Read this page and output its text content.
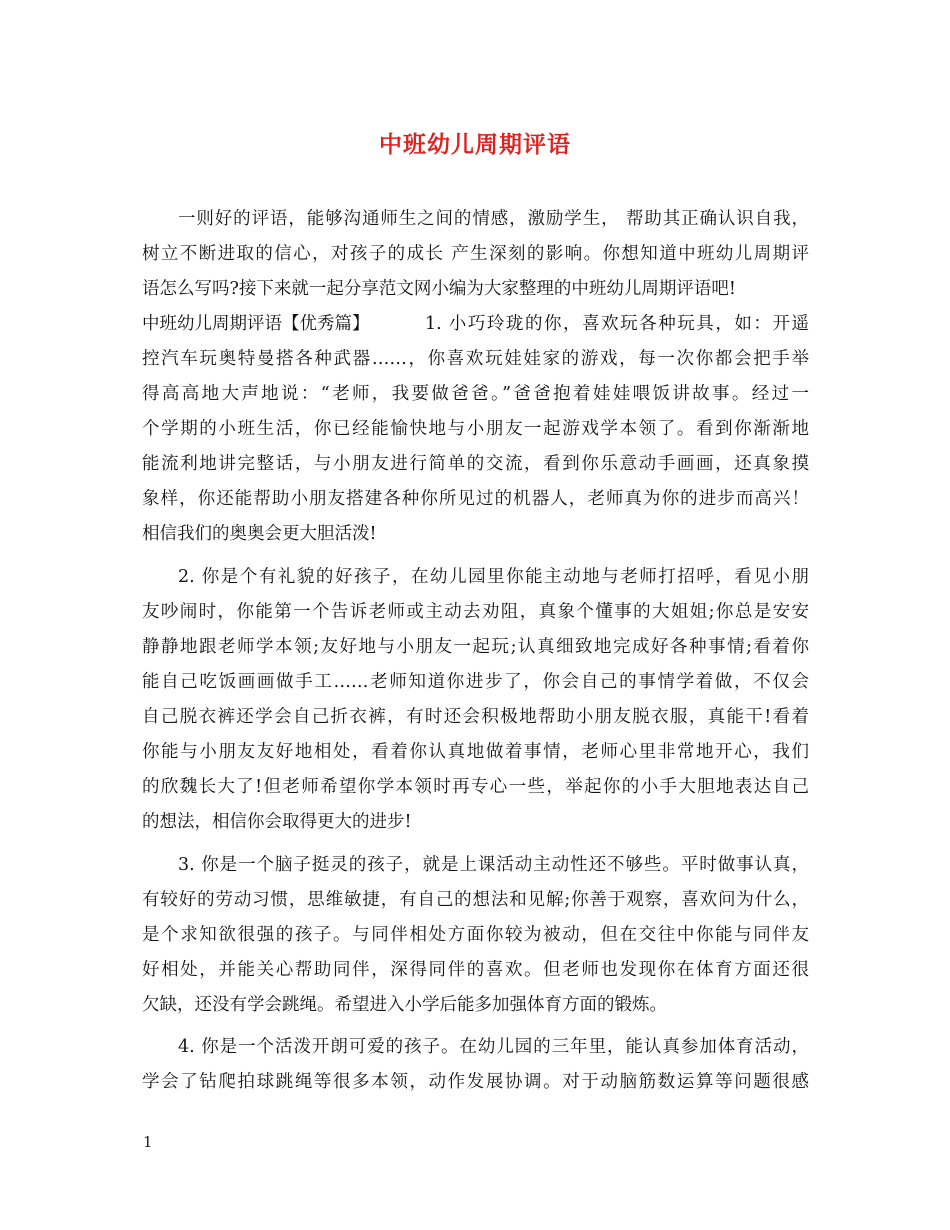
中班幼儿周期评语
一则好的评语，能够沟通师生之间的情感，激励学生， 帮助其正确认识自我，
树立不断进取的信心，对孩子的成长 产生深刻的影响。你想知道中班幼儿周期评
语怎么写吗?接下来就一起分享范文网小编为大家整理的中班幼儿周期评语吧!
中班幼儿周期评语【优秀篇】	1. 小巧玲珑的你，喜欢玩各种玩具，如：开遥
控汽车玩奥特曼搭各种武器……，你喜欢玩娃娃家的游戏，每一次你都会把手举
得高高地大声地说：“老师，我要做爸爸。”爸爸抱着娃娃喂饭讲故事。经过一
个学期的小班生活，你已经能愉快地与小朋友一起游戏学本领了。看到你渐渐地
能流利地讲完整话，与小朋友进行简单的交流，看到你乐意动手画画，还真象摸
象样，你还能帮助小朋友搭建各种你所见过的机器人，老师真为你的进步而高兴！
相信我们的奥奥会更大胆活泼!
2. 你是个有礼貌的好孩子，在幼儿园里你能主动地与老师打招呼，看见小朋
友吵闹时，你能第一个告诉老师或主动去劝阻，真象个懂事的大姐姐;你总是安安
静静地跟老师学本领;友好地与小朋友一起玩;认真细致地完成好各种事情;看着你
能自己吃饭画画做手工……老师知道你进步了，你会自己的事情学着做，不仅会
自己脱衣裤还学会自己折衣裤，有时还会积极地帮助小朋友脱衣服，真能干!看着
你能与小朋友友好地相处，看着你认真地做着事情，老师心里非常地开心，我们
的欣魏长大了!但老师希望你学本领时再专心一些，举起你的小手大胆地表达自己
的想法，相信你会取得更大的进步!
3. 你是一个脑子挺灵的孩子，就是上课活动主动性还不够些。平时做事认真，
有较好的劳动习惯，思维敏捷，有自己的想法和见解;你善于观察，喜欢问为什么，
是个求知欲很强的孩子。与同伴相处方面你较为被动，但在交往中你能与同伴友
好相处，并能关心帮助同伴，深得同伴的喜欢。但老师也发现你在体育方面还很
欠缺，还没有学会跳绳。希望进入小学后能多加强体育方面的锻炼。
4. 你是一个活泼开朗可爱的孩子。在幼儿园的三年里，能认真参加体育活动，
学会了钻爬拍球跳绳等很多本领，动作发展协调。对于动脑筋数运算等问题很感
1
